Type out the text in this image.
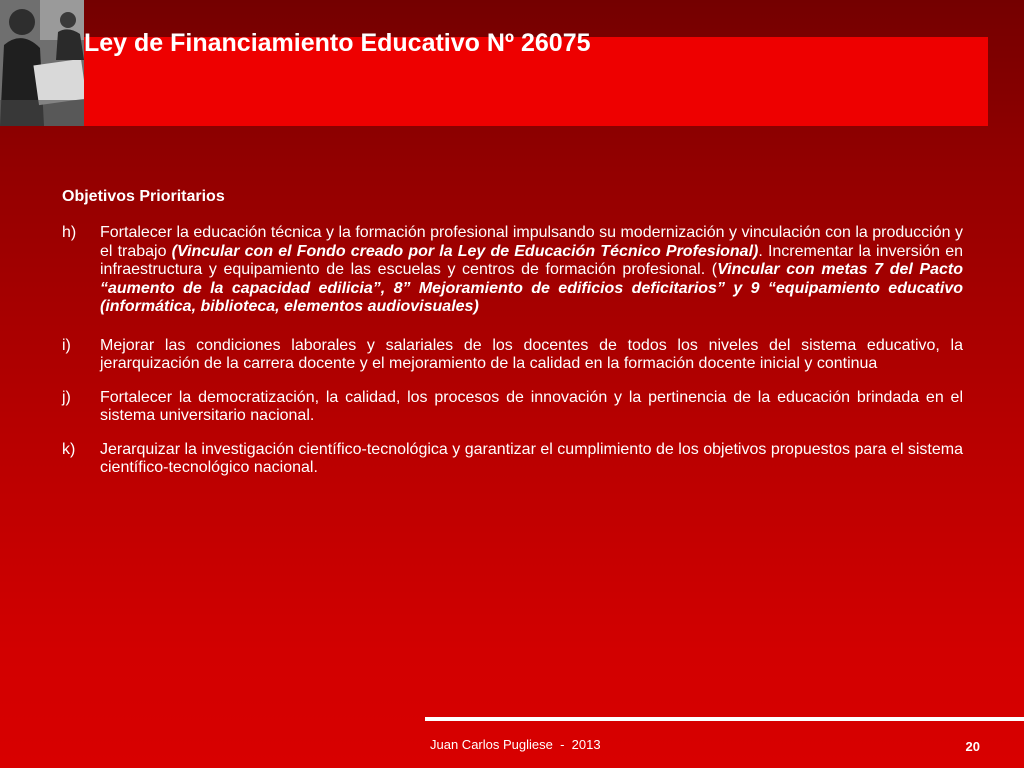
Ley de Financiamiento Educativo Nº 26075
Objetivos Prioritarios
h)	Fortalecer la educación técnica y la formación profesional impulsando su modernización y vinculación con la producción y el trabajo (Vincular con el Fondo creado por la Ley de Educación Técnico Profesional). Incrementar la inversión en infraestructura y equipamiento de las escuelas y centros de formación profesional. (Vincular con metas 7 del Pacto “aumento de la capacidad edilicia”, 8” Mejoramiento de edificios deficitarios” y 9 “equipamiento educativo (informática, biblioteca, elementos audiovisuales)
i)	Mejorar las condiciones laborales y salariales de los docentes de todos los niveles del sistema educativo, la jerarquización de la carrera docente y el mejoramiento de la calidad en la formación docente inicial y continua
j)	Fortalecer la democratización, la calidad, los procesos de innovación y la pertinencia de la educación brindada en el sistema universitario nacional.
k)	Jerarquizar la investigación científico-tecnológica y garantizar el cumplimiento de los objetivos propuestos para el sistema científico-tecnológico nacional.
Juan Carlos Pugliese  -  2013	20
